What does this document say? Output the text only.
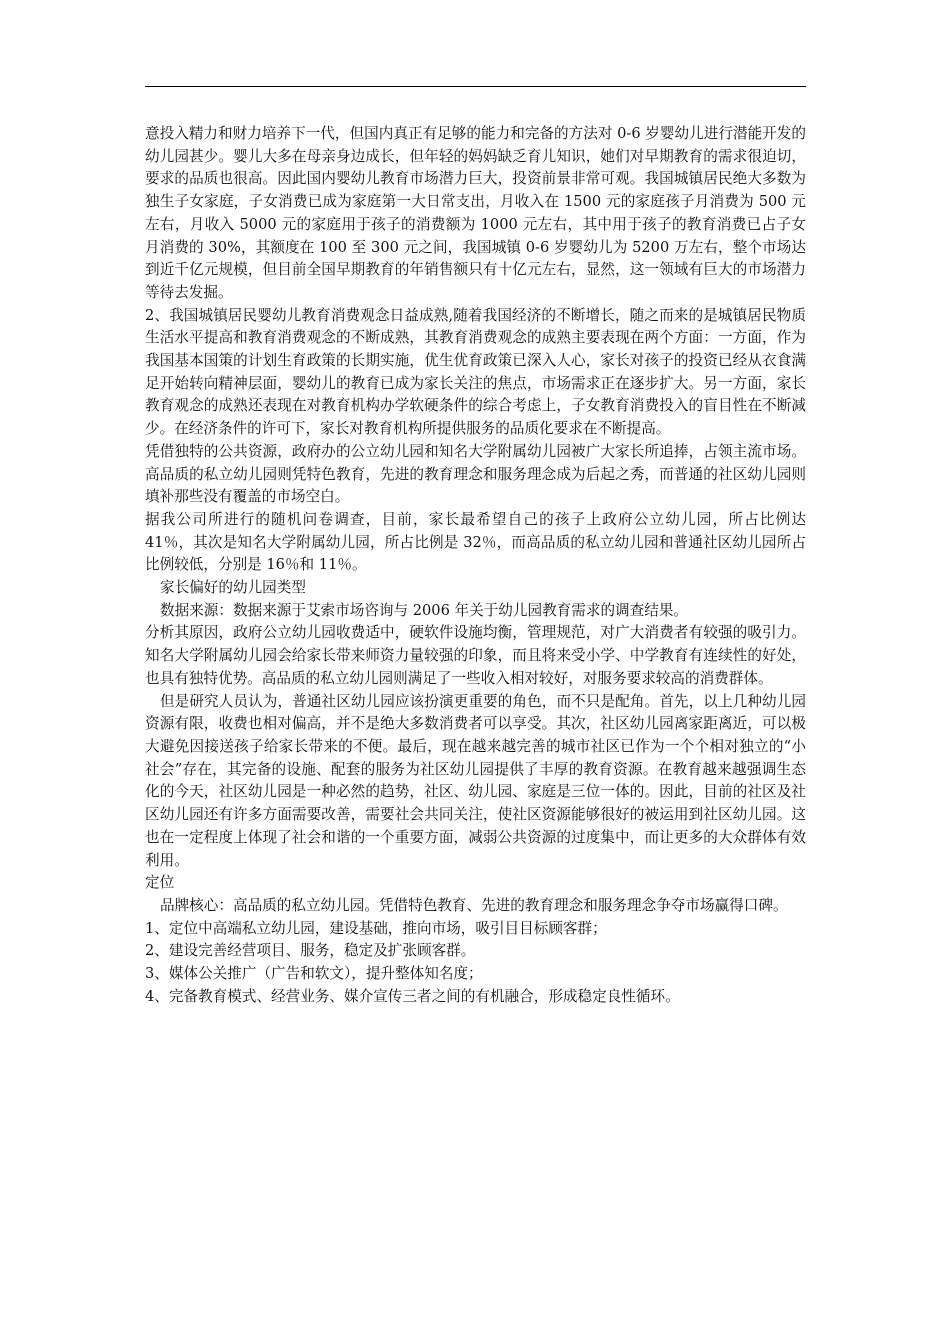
意投入精力和财力培养下一代，但国内真正有足够的能力和完备的方法对 0-6 岁婴幼儿进行潜能开发的幼儿园甚少。婴儿大多在母亲身边成长，但年轻的妈妈缺乏育儿知识，她们对早期教育的需求很迫切，要求的品质也很高。因此国内婴幼儿教育市场潜力巨大，投资前景非常可观。我国城镇居民绝大多数为独生子女家庭，子女消费已成为家庭第一大日常支出，月收入在 1500 元的家庭孩子月消费为 500 元左右，月收入 5000 元的家庭用于孩子的消费额为 1000 元左右，其中用于孩子的教育消费已占子女月消费的 30%，其额度在 100 至 300 元之间，我国城镇 0-6 岁婴幼儿为 5200 万左右，整个市场达到近千亿元规模，但目前全国早期教育的年销售额只有十亿元左右，显然，这一领域有巨大的市场潜力等待去发掘。

2、我国城镇居民婴幼儿教育消费观念日益成熟,随着我国经济的不断增长，随之而来的是城镇居民物质生活水平提高和教育消费观念的不断成熟，其教育消费观念的成熟主要表现在两个方面：一方面，作为我国基本国策的计划生育政策的长期实施，优生优育政策已深入人心，家长对孩子的投资已经从衣食满足开始转向精神层面，婴幼儿的教育已成为家长关注的焦点，市场需求正在逐步扩大。另一方面，家长教育观念的成熟还表现在对教育机构办学软硬条件的综合考虑上，子女教育消费投入的盲目性在不断减少。在经济条件的许可下，家长对教育机构所提供服务的品质化要求在不断提高。

凭借独特的公共资源，政府办的公立幼儿园和知名大学附属幼儿园被广大家长所追捧，占领主流市场。高品质的私立幼儿园则凭特色教育，先进的教育理念和服务理念成为后起之秀，而普通的社区幼儿园则填补那些没有覆盖的市场空白。

据我公司所进行的随机问卷调查，目前，家长最希望自己的孩子上政府公立幼儿园，所占比例达 41％，其次是知名大学附属幼儿园，所占比例是 32％，而高品质的私立幼儿园和普通社区幼儿园所占比例较低，分别是 16％和 11％。

家长偏好的幼儿园类型

数据来源：数据来源于艾索市场咨询与 2006 年关于幼儿园教育需求的调查结果。

分析其原因，政府公立幼儿园收费适中，硬软件设施均衡，管理规范，对广大消费者有较强的吸引力。知名大学附属幼儿园会给家长带来师资力量较强的印象，而且将来受小学、中学教育有连续性的好处，也具有独特优势。高品质的私立幼儿园则满足了一些收入相对较好，对服务要求较高的消费群体。

但是研究人员认为，普通社区幼儿园应该扮演更重要的角色，而不只是配角。首先，以上几种幼儿园资源有限，收费也相对偏高，并不是绝大多数消费者可以享受。其次，社区幼儿园离家距离近，可以极大避免因接送孩子给家长带来的不便。最后，现在越来越完善的城市社区已作为一个个相对独立的“小社会”存在，其完备的设施、配套的服务为社区幼儿园提供了丰厚的教育资源。在教育越来越强调生态化的今天，社区幼儿园是一种必然的趋势，社区、幼儿园、家庭是三位一体的。因此，目前的社区及社区幼儿园还有许多方面需要改善，需要社会共同关注，使社区资源能够很好的被运用到社区幼儿园。这也在一定程度上体现了社会和谐的一个重要方面，减弱公共资源的过度集中，而让更多的大众群体有效利用。

定位

品牌核心：高品质的私立幼儿园。凭借特色教育、先进的教育理念和服务理念争夺市场赢得口碑。

1、定位中高端私立幼儿园，建设基础，推向市场，吸引目目标顾客群；

2、建设完善经营项目、服务，稳定及扩张顾客群。

3、媒体公关推广（广告和软文），提升整体知名度；

4、完备教育模式、经营业务、媒介宣传三者之间的有机融合，形成稳定良性循环。
